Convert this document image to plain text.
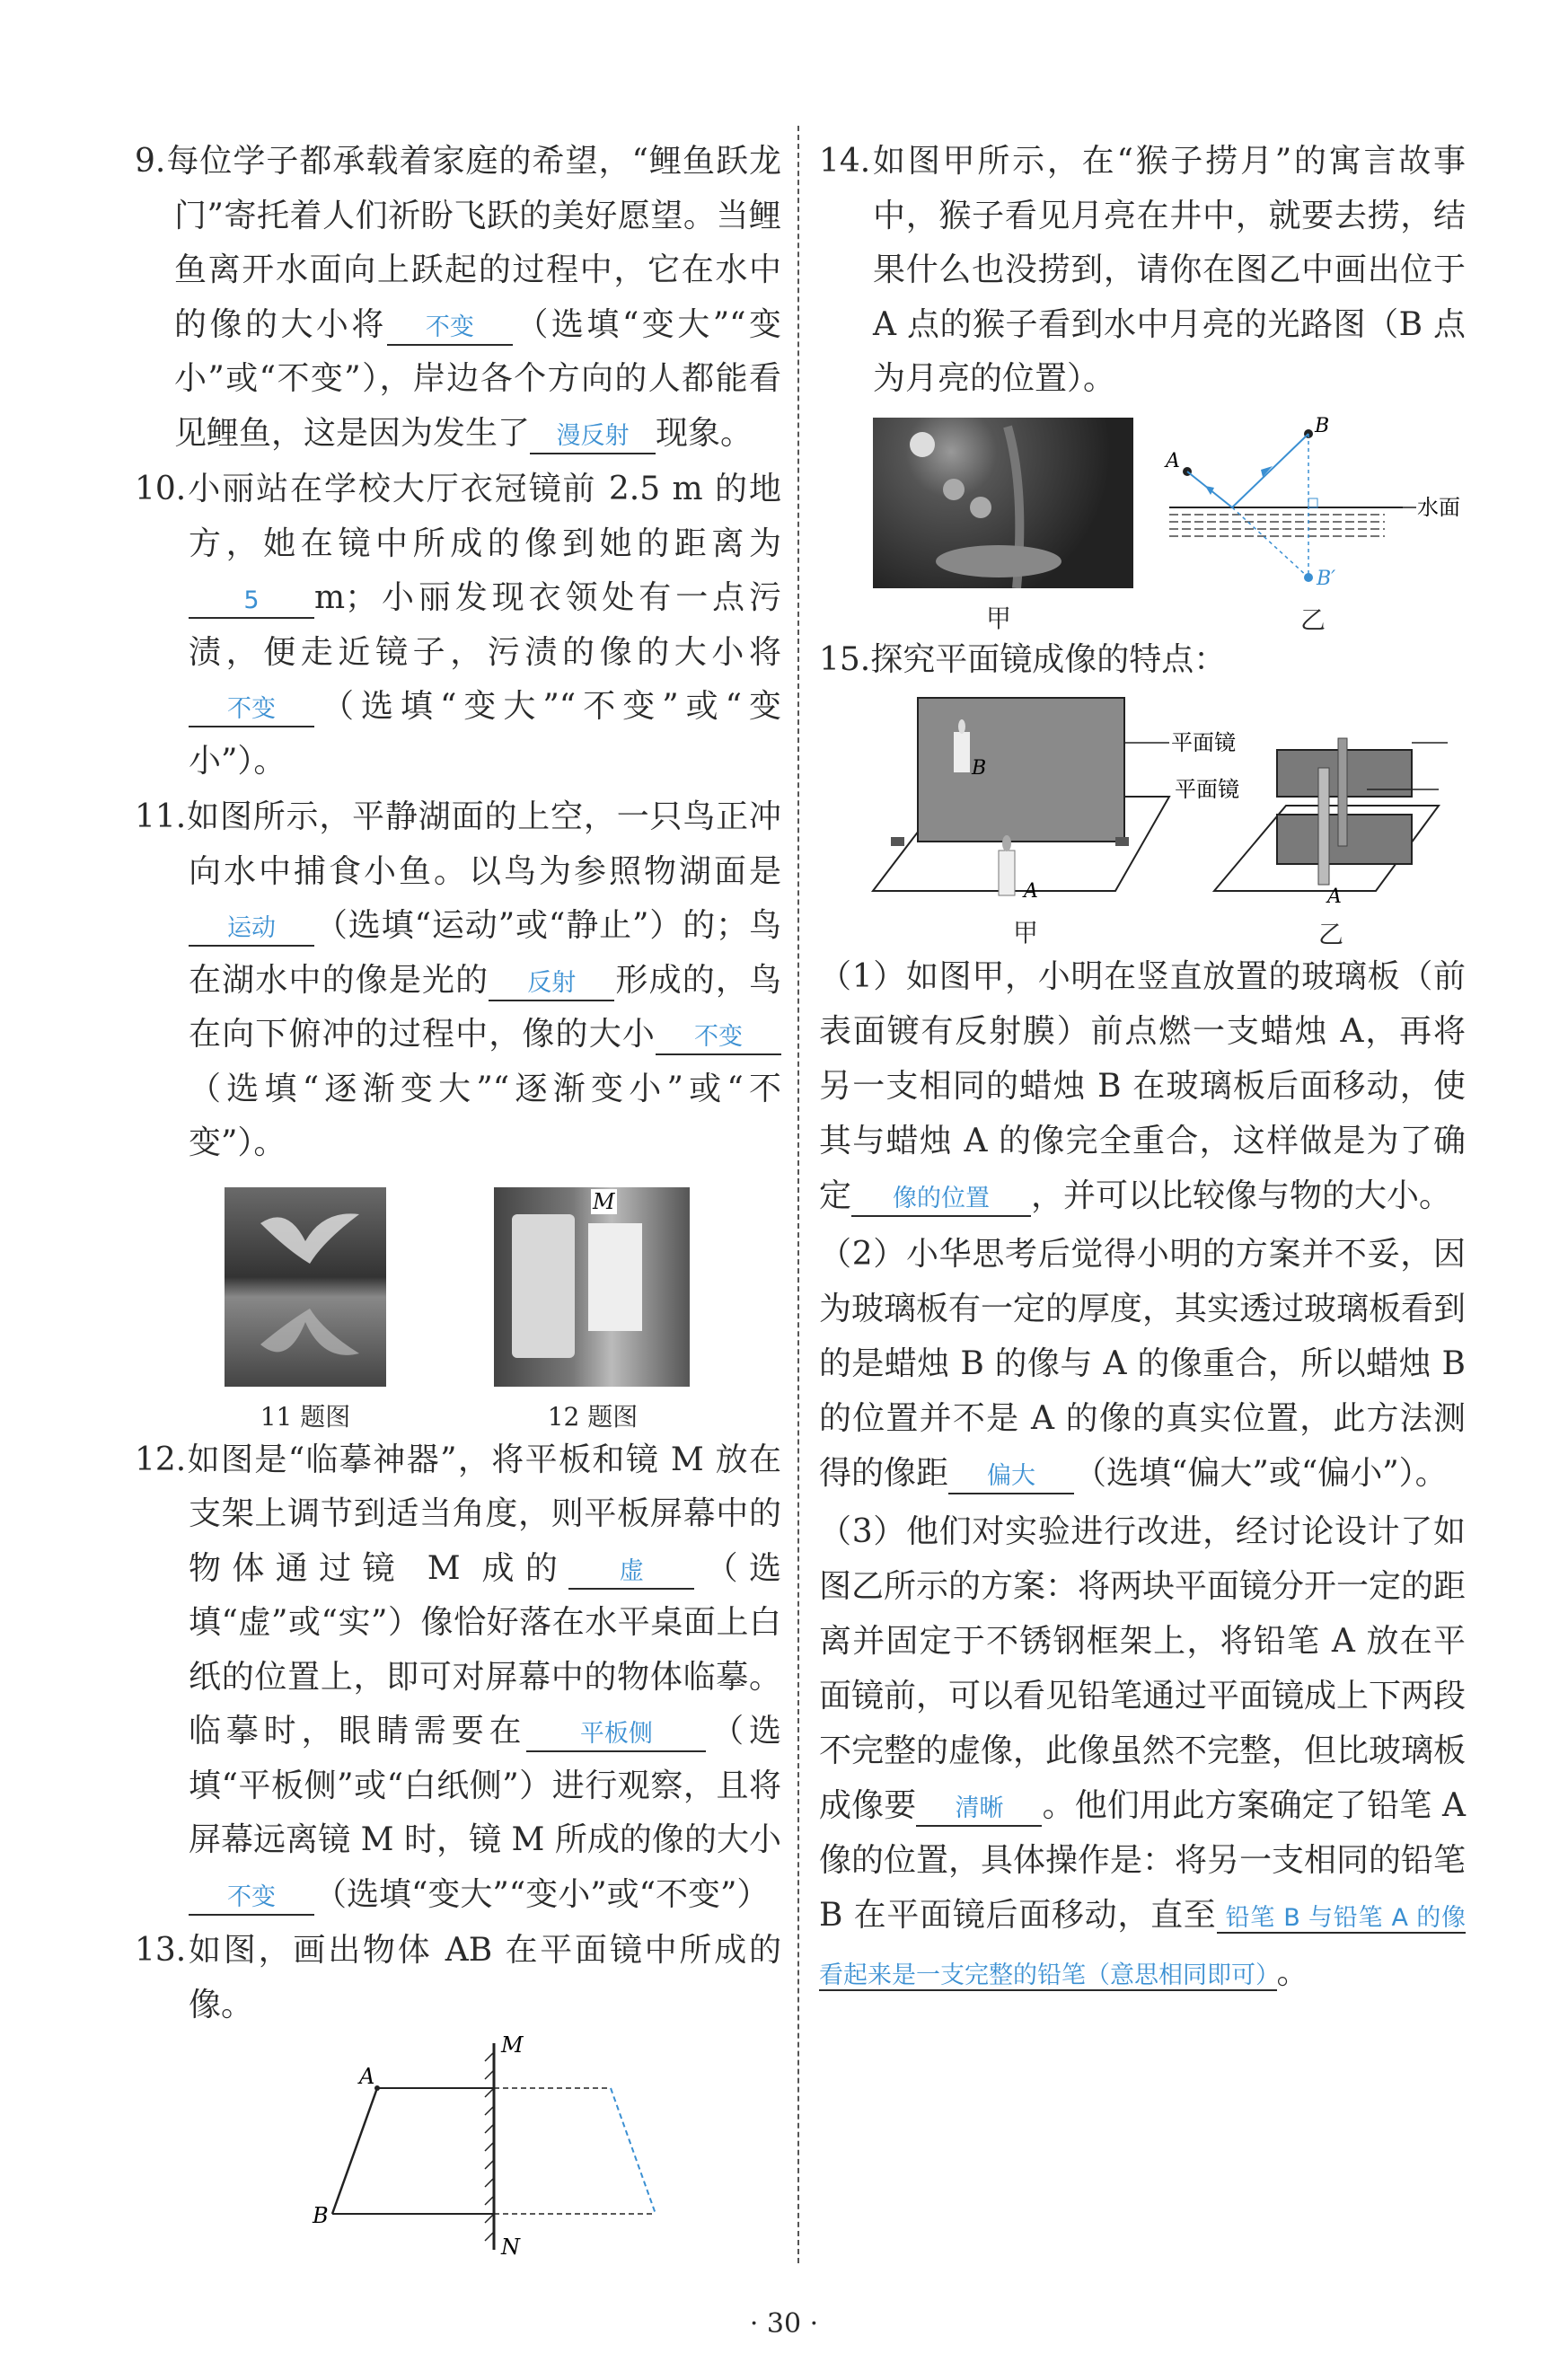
9.每位学子都承载着家庭的希望，“鲤鱼跃龙门”寄托着人们祈盼飞跃的美好愿望。当鲤鱼离开水面向上跃起的过程中，它在水中的像的大小将 不变 （选填“变大”“变小”或“不变”），岸边各个方向的人都能看见鲤鱼，这是因为发生了 漫反射 现象。
10.小丽站在学校大厅衣冠镜前 2.5 m 的地方，她在镜中所成的像到她的距离为5 m；小丽发现衣领处有一点污渍，便走近镜子，污渍的像的大小将不变 （选填“变大”“不变”或“变小”）。
11.如图所示，平静湖面的上空，一只鸟正冲向水中捕食小鱼。以鸟为参照物湖面是运动 （选填“运动”或“静止”）的；鸟在湖水中的像是光的 反射 形成的，鸟在向下俯冲的过程中，像的大小 不变（选填“逐渐变大”“逐渐变小”或“不变”）。
M
11 题图	12 题图
12.如图是“临摹神器”，将平板和镜 M 放在支架上调节到适当角度，则平板屏幕中的物体通过镜 M 成的 虚 （选填“虚”或“实”）像恰好落在水平桌面上白纸的位置上，即可对屏幕中的物体临摹。临摹时，眼睛需要在 平板侧 （选填“平板侧”或“白纸侧”）进行观察，且将屏幕远离镜 M 时，镜 M 所成的像的大小不变 （选填“变大”“变小”或“不变”）
13.如图，画出物体 AB 在平面镜中所成的像。
A
B
M
N
14.如图甲所示，在“猴子捞月”的寓言故事中，猴子看见月亮在井中，就要去捞，结果什么也没捞到，请你在图乙中画出位于 A 点的猴子看到水中月亮的光路图（B 点为月亮的位置）。
A
B
B′
水面
甲	乙
15.探究平面镜成像的特点：
B
A	A
平面镜
平面镜
甲	乙
（1）如图甲，小明在竖直放置的玻璃板（前表面镀有反射膜）前点燃一支蜡烛 A，再将另一支相同的蜡烛 B 在玻璃板后面移动，使其与蜡烛 A 的像完全重合，这样做是为了确定 像的位置 ，并可以比较像与物的大小。
（2）小华思考后觉得小明的方案并不妥，因为玻璃板有一定的厚度，其实透过玻璃板看到的是蜡烛 B 的像与 A 的像重合，所以蜡烛 B 的位置并不是 A 的像的真实位置，此方法测得的像距 偏大 （选填“偏大”或“偏小”）。
（3）他们对实验进行改进，经讨论设计了如图乙所示的方案：将两块平面镜分开一定的距离并固定于不锈钢框架上，将铅笔 A 放在平面镜前，可以看见铅笔通过平面镜成上下两段不完整的虚像，此像虽然不完整，但比玻璃板成像要 清晰 。他们用此方案确定了铅笔 A 像的位置，具体操作是：将另一支相同的铅笔 B 在平面镜后面移动，直至 铅笔 B 与铅笔 A 的像看起来是一支完整的铅笔（意思相同即可） 。
· 30 ·
